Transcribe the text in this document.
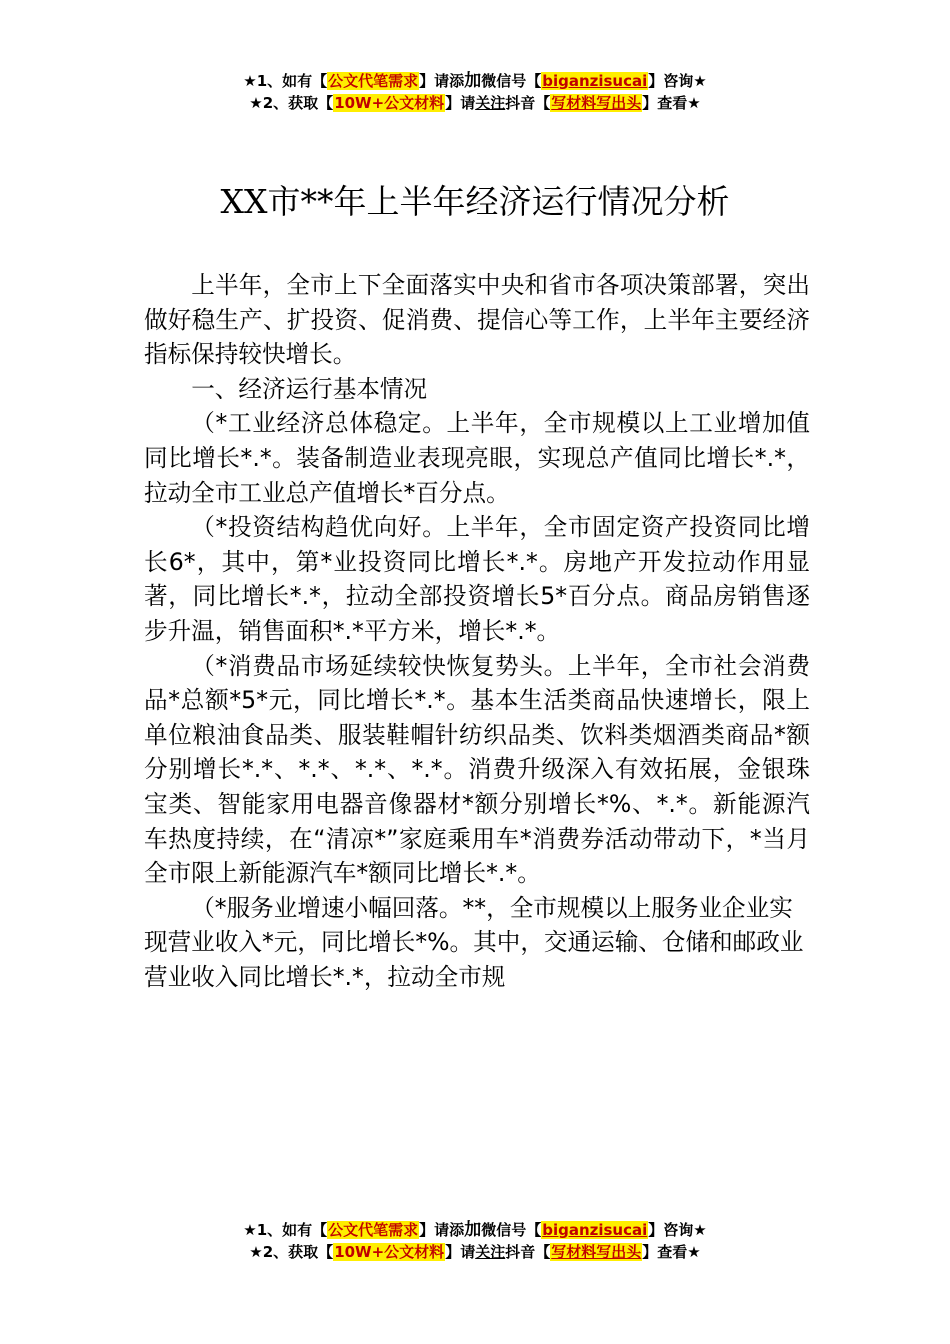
★1、如有【公文代笔需求】请添加微信号【biganzisucai】咨询★
★2、获取【10W+公文材料】请关注抖音【写材料写出头】查看★
XX市**年上半年经济运行情况分析

上半年，全市上下全面落实中央和省市各项决策部署，突出做好稳生产、扩投资、促消费、提信心等工作，上半年主要经济指标保持较快增长。

一、经济运行基本情况

（*工业经济总体稳定。上半年，全市规模以上工业增加值同比增长*.*。装备制造业表现亮眼，实现总产值同比增长*.*，拉动全市工业总产值增长*百分点。

（*投资结构趋优向好。上半年，全市固定资产投资同比增长6*，其中，第*业投资同比增长*.*。房地产开发拉动作用显著，同比增长*.*，拉动全部投资增长5*百分点。商品房销售逐步升温，销售面积*.*平方米，增长*.*。

（*消费品市场延续较快恢复势头。上半年，全市社会消费品*总额*5*元，同比增长*.*。基本生活类商品快速增长，限上单位粮油食品类、服装鞋帽针纺织品类、饮料类烟酒类商品*额分别增长*.*、*.*、*.*、*.*。消费升级深入有效拓展，金银珠宝类、智能家用电器音像器材*额分别增长*%、*.*。新能源汽车热度持续，在“清凉*”家庭乘用车*消费券活动带动下，*当月全市限上新能源汽车*额同比增长*.*。

（*服务业增速小幅回落。**，全市规模以上服务业企业实现营业收入*元，同比增长*%。其中，交通运输、仓储和邮政业营业收入同比增长*.*，拉动全市规

★1、如有【公文代笔需求】请添加微信号【biganzisucai】咨询★
★2、获取【10W+公文材料】请关注抖音【写材料写出头】查看★
